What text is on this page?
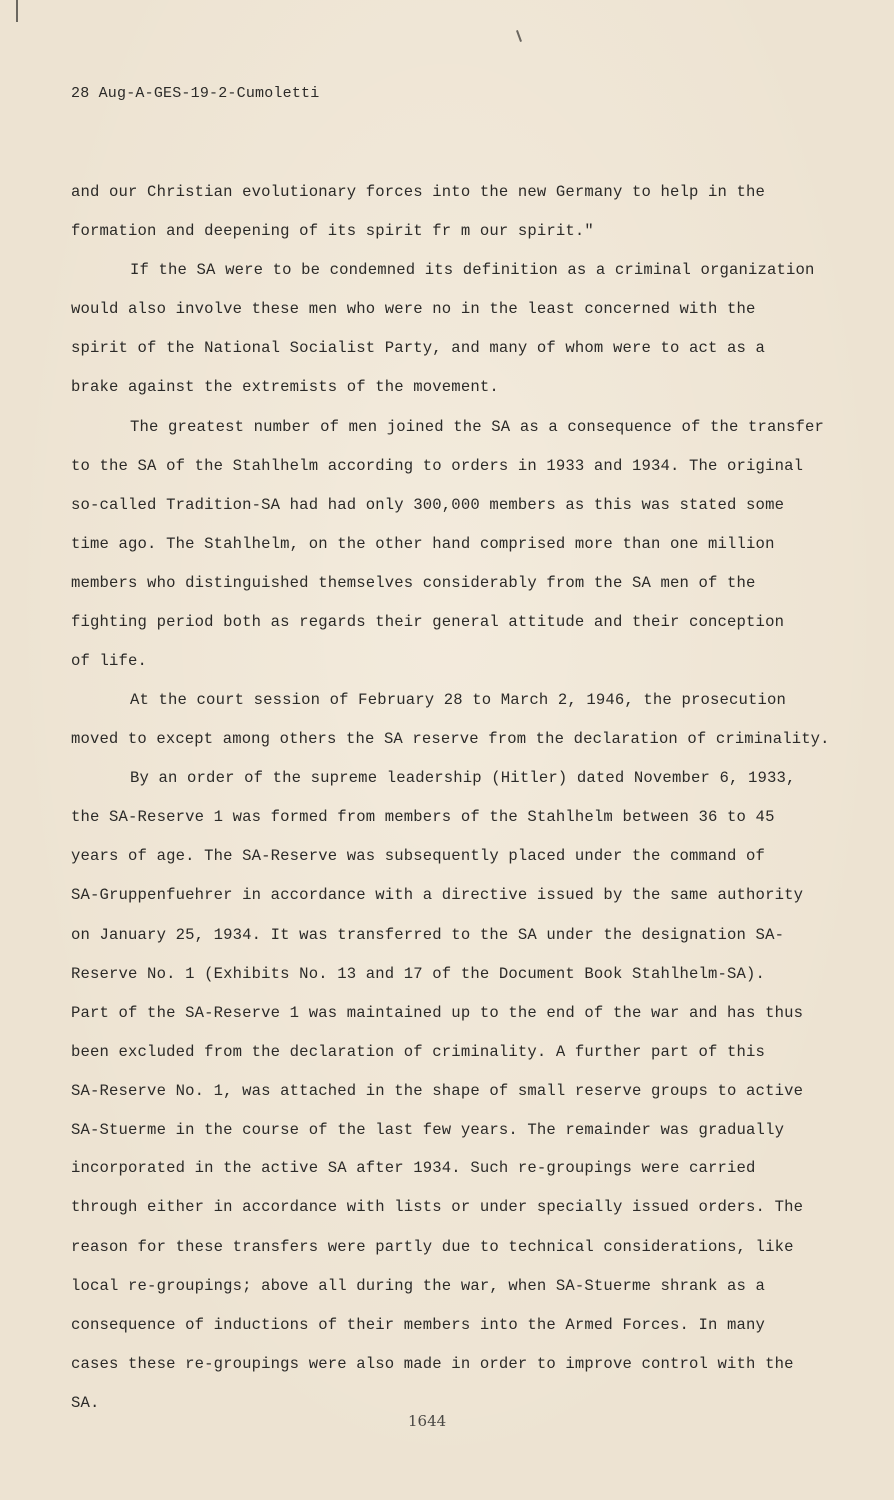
28 Aug-A-GES-19-2-Cumoletti
and our Christian evolutionary forces into the new Germany to help in the
formation and deepening of its spirit fr m our spirit."
If the SA were to be condemned its definition as a criminal organization
would also involve these men who were no in the least concerned with the
spirit of the National Socialist Party, and many of whom were to act as a
brake against the extremists of the movement.
The greatest number of men joined the SA as a consequence of the transfer
to the SA of the Stahlhelm according to orders in 1933 and 1934. The original
so-called Tradition-SA had had only 300,000 members as this was stated some
time ago. The Stahlhelm, on the other hand comprised more than one million
members who distinguished themselves considerably from the SA men of the
fighting period both as regards their general attitude and their conception
of life.
At the court session of February 28 to March 2, 1946, the prosecution
moved to except among others the SA reserve from the declaration of criminality.
By an order of the supreme leadership (Hitler) dated November 6, 1933,
the SA-Reserve 1 was formed from members of the Stahlhelm between 36 to 45
years of age. The SA-Reserve was subsequently placed under the command of
SA-Gruppenfuehrer in accordance with a directive issued by the same authority
on January 25, 1934. It was transferred to the SA under the designation SA-
Reserve No. 1 (Exhibits No. 13 and 17 of the Document Book Stahlhelm-SA).
Part of the SA-Reserve 1 was maintained up to the end of the war and has thus
been excluded from the declaration of criminality. A further part of this
SA-Reserve No. 1, was attached in the shape of small reserve groups to active
SA-Stuerme in the course of the last few years. The remainder was gradually
incorporated in the active SA after 1934. Such re-groupings were carried
through either in accordance with lists or under specially issued orders. The
reason for these transfers were partly due to technical considerations, like
local re-groupings; above all during the war, when SA-Stuerme shrank as a
consequence of inductions of their members into the Armed Forces. In many
cases these re-groupings were also made in order to improve control with the
SA.
1644
